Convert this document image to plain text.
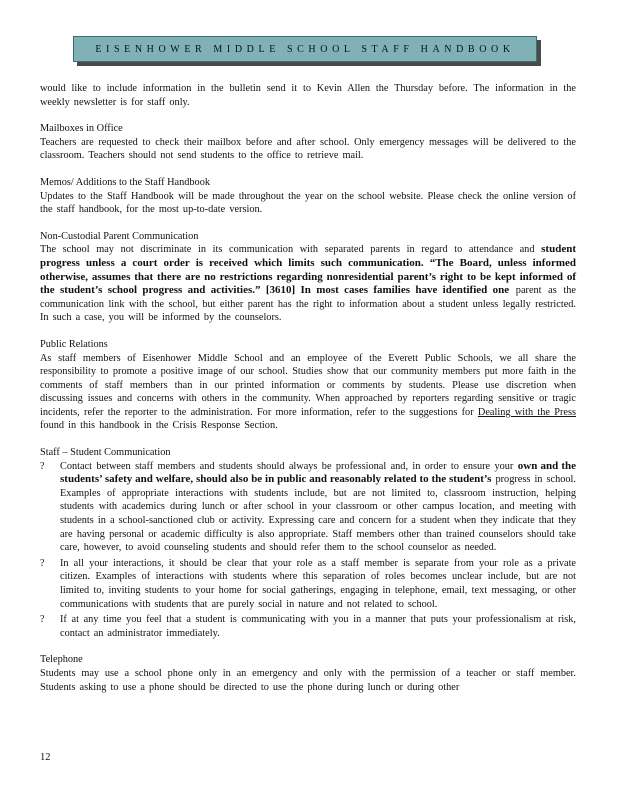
EISENHOWER MIDDLE SCHOOL STAFF HANDBOOK

would like to include information in the bulletin send it to Kevin Allen the Thursday before. The information in the weekly newsletter is for staff only.

Mailboxes in Office

Teachers are requested to check their mailbox before and after school. Only emergency messages will be delivered to the classroom. Teachers should not send students to the office to retrieve mail.

Memos/ Additions to the Staff Handbook

Updates to the Staff Handbook will be made throughout the year on the school website. Please check the online version of the staff handbook, for the most up-to-date version.

Non-Custodial Parent Communication

The school may not discriminate in its communication with separated parents in regard to attendance and student progress unless a court order is received which limits such communication. “The Board, unless informed otherwise, assumes that there are no restrictions regarding nonresidential parent’s right to be kept informed of the student’s school progress and activities.” [3610] In most cases families have identified one parent as the communication link with the school, but either parent has the right to information about a student unless legally restricted. In such a case, you will be informed by the counselors.

Public Relations

As staff members of Eisenhower Middle School and an employee of the Everett Public Schools, we all share the responsibility to promote a positive image of our school. Studies show that our community members put more faith in the comments of staff members than in our printed information or comments by students. Please use discretion when discussing issues and concerns with others in the community. When approached by reporters regarding sensitive or tragic incidents, refer the reporter to the administration. For more information, refer to the suggestions for Dealing with the Press found in this handbook in the Crisis Response Section.

Staff – Student Communication

? Contact between staff members and students should always be professional and, in order to ensure your own and the students’ safety and welfare, should also be in public and reasonably related to the student’s progress in school. Examples of appropriate interactions with students include, but are not limited to, classroom instruction, helping students with academics during lunch or after school in your classroom or other campus location, and meeting with students in a school-sanctioned club or activity. Expressing care and concern for a student when they indicate that they are having personal or academic difficulty is also appropriate. Staff members other than trained counselors should take care, however, to avoid counseling students and should refer them to the school counselor as needed.
? In all your interactions, it should be clear that your role as a staff member is separate from your role as a private citizen. Examples of interactions with students where this separation of roles becomes unclear include, but are not limited to, inviting students to your home for social gatherings, engaging in telephone, email, text messaging, or other communications with students that are purely social in nature and not related to school.
? If at any time you feel that a student is communicating with you in a manner that puts your professionalism at risk, contact an administrator immediately.

Telephone

Students may use a school phone only in an emergency and only with the permission of a teacher or staff member. Students asking to use a phone should be directed to use the phone during lunch or during other

12
